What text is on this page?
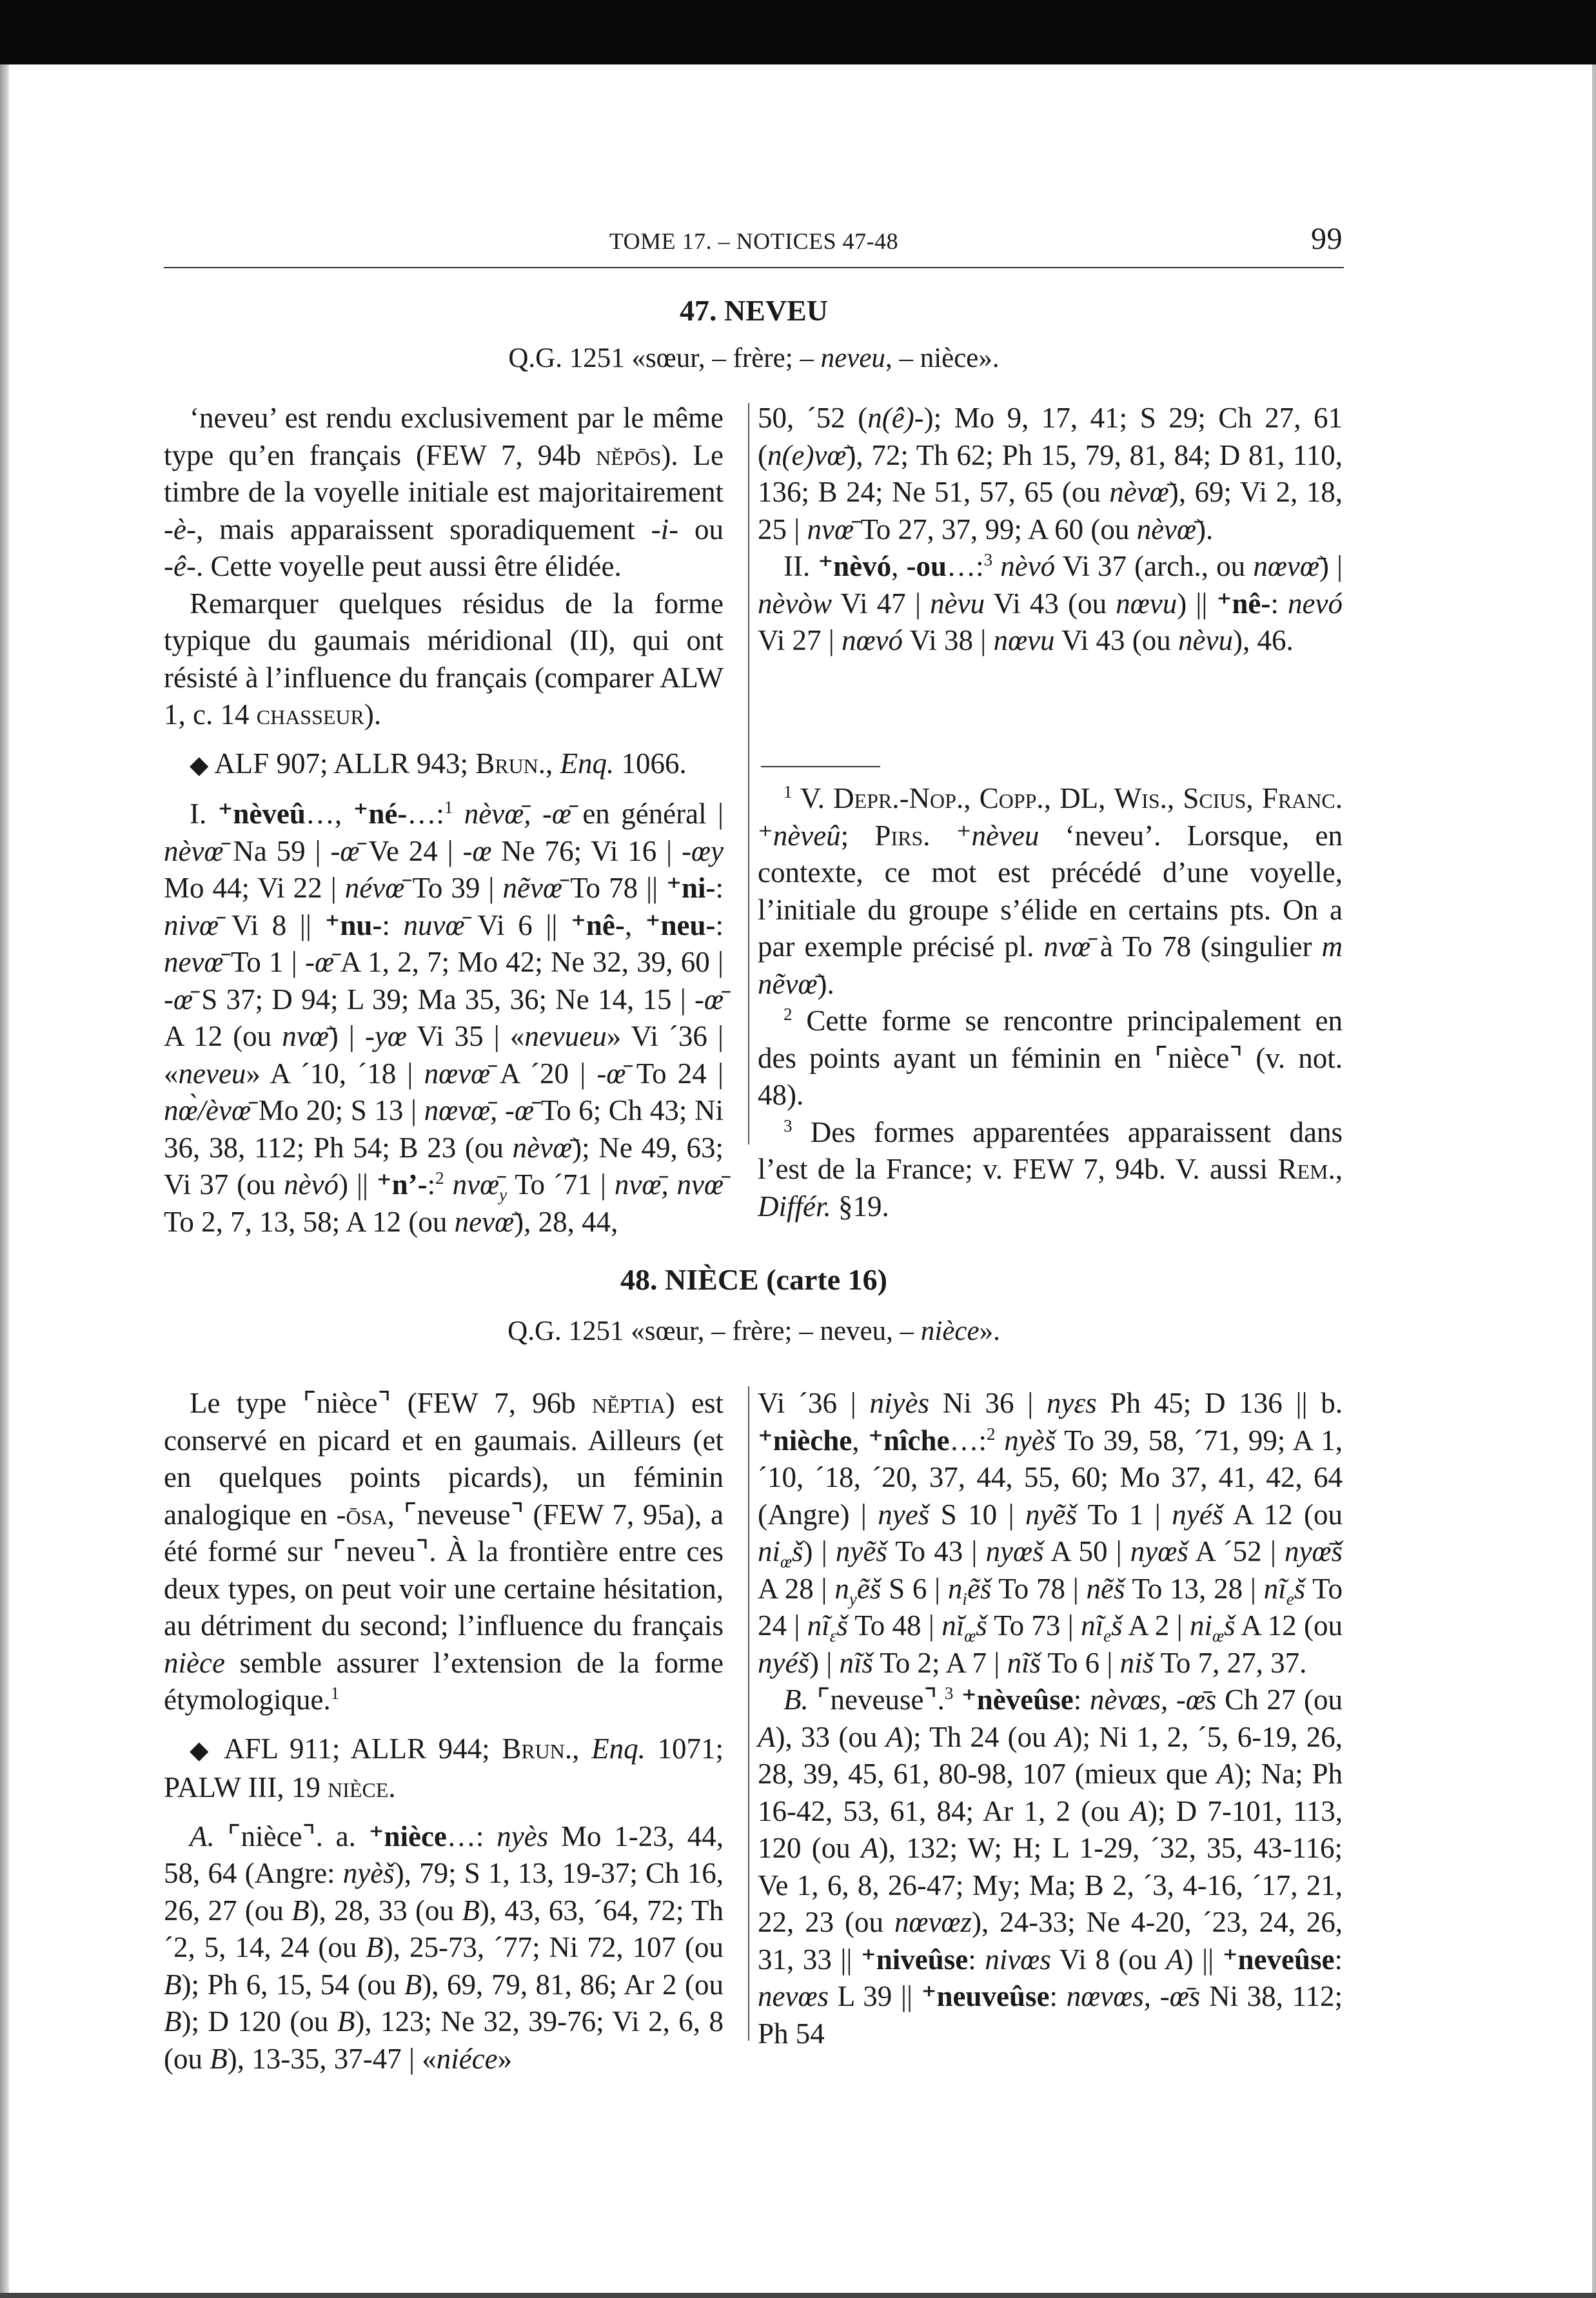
TOME 17. – NOTICES 47-48	99
47. NEVEU
Q.G. 1251 «sœur, – frère; – neveu, – nièce».

‘neveu’ est rendu exclusivement par le même type qu’en français (FEW 7, 94b nĕpōs). Le timbre de la voyelle initiale est majoritairement -è-, mais apparaissent sporadiquement -i- ou -ê-. Cette voyelle peut aussi être élidée.

Remarquer quelques résidus de la forme typique du gaumais méridional (II), qui ont résisté à l’influence du français (comparer ALW 1, c. 14 chasseur).

◆ ALF 907; ALLR 943; Brun., Enq. 1066.

I. ⁺nèveû…, ⁺né-…:$^1$ nèvœ̄, -œ̄ en général | nèvœ̄ Na 59 | -œ̄ Ve 24 | -œ Ne 76; Vi 16 | -œy Mo 44; Vi 22 | névœ̄ To 39 | nẽvœ̄ To 78 || ⁺ni-: nivœ̄ Vi 8 || ⁺nu-: nuvœ̄ Vi 6 || ⁺nê-, ⁺neu-: nevœ̄ To 1 | -œ̄ A 1, 2, 7; Mo 42; Ne 32, 39, 60 | -œ̄ S 37; D 94; L 39; Ma 35, 36; Ne 14, 15 | -œ̄ A 12 (ou nvœ̄) | -yœ Vi 35 | «nevueu» Vi ´36 | «neveu» A ´10, ´18 | nœvœ̄ A ´20 | -œ̄ To 24 | nœ̀/èvœ̄ Mo 20; S 13 | nœvœ̄, -œ̄ To 6; Ch 43; Ni 36, 38, 112; Ph 54; B 23 (ou nèvœ̄); Ne 49, 63; Vi 37 (ou nèvó) || ⁺n’-:$^2$ $nvœ̄_y$ To ´71 | nvœ̄, nvœ̄ To 2, 7, 13, 58; A 12 (ou nevœ̄), 28, 44,

50, ´52 (n(ê)-); Mo 9, 17, 41; S 29; Ch 27, 61 (n(e)vœ̄), 72; Th 62; Ph 15, 79, 81, 84; D 81, 110, 136; B 24; Ne 51, 57, 65 (ou nèvœ̄), 69; Vi 2, 18, 25 | nvœ̄ To 27, 37, 99; A 60 (ou nèvœ̄).

II. ⁺nèvó, -ou…:$^3$ nèvó Vi 37 (arch., ou nœvœ̄) | nèvòw Vi 47 | nèvu Vi 43 (ou nœvu) || ⁺nê-: nevó Vi 27 | nœvó Vi 38 | nœvu Vi 43 (ou nèvu), 46.

$^1$ V. Depr.-Nop., Copp., DL, Wis., Scius, Franc. ⁺nèveû; Pirs. ⁺nèveu ‘neveu’. Lorsque, en contexte, ce mot est précédé d’une voyelle, l’initiale du groupe s’élide en certains pts. On a par exemple précisé pl. nvœ̄ à To 78 (singulier m nẽvœ̄).

$^2$ Cette forme se rencontre principalement en des points ayant un féminin en ⌜nièce⌝ (v. not. 48).

$^3$ Des formes apparentées apparaissent dans l’est de la France; v. FEW 7, 94b. V. aussi Rem., Différ. §19.

48. NIÈCE (carte 16)
Q.G. 1251 «sœur, – frère; – neveu, – nièce».

Le type ⌜nièce⌝ (FEW 7, 96b nĕptia) est conservé en picard et en gaumais. Ailleurs (et en quelques points picards), un féminin analogique en -ōsa, ⌜neveuse⌝ (FEW 7, 95a), a été formé sur ⌜neveu⌝. À la frontière entre ces deux types, on peut voir une certaine hésitation, au détriment du second; l’influence du français nièce semble assurer l’extension de la forme étymologique.$^1$

◆ AFL 911; ALLR 944; Brun., Enq. 1071; PALW III, 19 nièce.

A. ⌜nièce⌝. a. ⁺nièce…: nyès Mo 1-23, 44, 58, 64 (Angre: nyèš), 79; S 1, 13, 19-37; Ch 16, 26, 27 (ou B), 28, 33 (ou B), 43, 63, ´64, 72; Th ´2, 5, 14, 24 (ou B), 25-73, ´77; Ni 72, 107 (ou B); Ph 6, 15, 54 (ou B), 69, 79, 81, 86; Ar 2 (ou B); D 120 (ou B), 123; Ne 32, 39-76; Vi 2, 6, 8 (ou B), 13-35, 37-47 | «niéce»

Vi ´36 | niyès Ni 36 | nyɛs Ph 45; D 136 || b. ⁺nièche, ⁺nîche…:$^2$ nyèš To 39, 58, ´71, 99; A 1, ´10, ´18, ´20, 37, 44, 55, 60; Mo 37, 41, 42, 64 (Angre) | nyeš S 10 | nyẽš To 1 | nyéš A 12 (ou $ni_œš$) | nyẽš To 43 | nyœš A 50 | nyœš A ´52 | nyœ̄š A 28 | $n_yẽš$ S 6 | $n_iẽš$ To 78 | nẽš To 13, 28 | $nĩ_eš$ To 24 | $nĩ_ɛš$ To 48 | $nĭ_œš$ To 73 | $nĩ_eš$ A 2 | $ni_œš$ A 12 (ou nyéš) | nĩš To 2; A 7 | nĩš To 6 | niš To 7, 27, 37.

B. ⌜neveuse⌝.$^3$ ⁺nèveûse: nèvœs, -œ̄s Ch 27 (ou A), 33 (ou A); Th 24 (ou A); Ni 1, 2, ´5, 6-19, 26, 28, 39, 45, 61, 80-98, 107 (mieux que A); Na; Ph 16-42, 53, 61, 84; Ar 1, 2 (ou A); D 7-101, 113, 120 (ou A), 132; W; H; L 1-29, ´32, 35, 43-116; Ve 1, 6, 8, 26-47; My; Ma; B 2, ´3, 4-16, ´17, 21, 22, 23 (ou nœvœz), 24-33; Ne 4-20, ´23, 24, 26, 31, 33 || ⁺niveûse: nivœs Vi 8 (ou A) || ⁺neveûse: nevœs L 39 || ⁺neuveûse: nœvœs, -œ̄s Ni 38, 112; Ph 54
